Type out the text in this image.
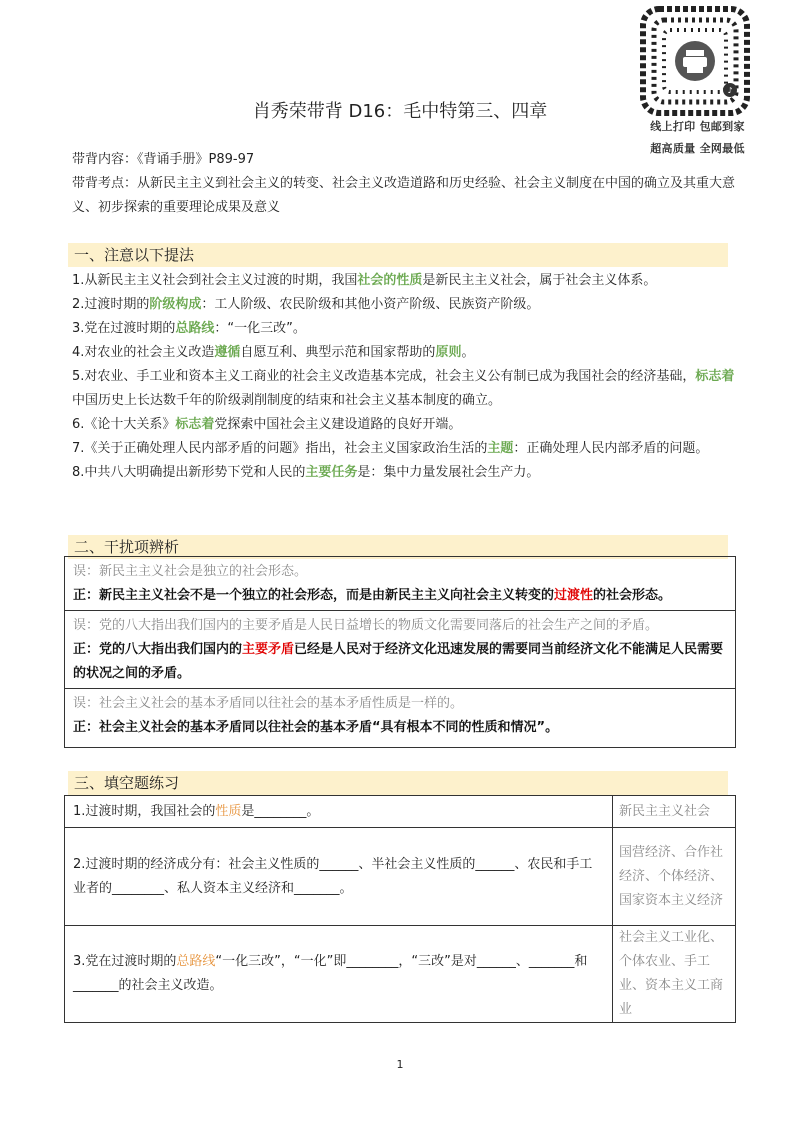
♪
线上打印 包邮到家
超高质量 全网最低
肖秀荣带背 D16：毛中特第三、四章
带背内容：《背诵手册》P89-97
带背考点：从新民主主义到社会主义的转变、社会主义改造道路和历史经验、社会主义制度在中国的确立及其重大意义、初步探索的重要理论成果及意义
一、注意以下提法

1.从新民主主义社会到社会主义过渡的时期，我国社会的性质是新民主主义社会，属于社会主义体系。

2.过渡时期的阶级构成：工人阶级、农民阶级和其他小资产阶级、民族资产阶级。

3.党在过渡时期的总路线：“一化三改”。

4.对农业的社会主义改造遵循自愿互利、典型示范和国家帮助的原则。

5.对农业、手工业和资本主义工商业的社会主义改造基本完成，社会主义公有制已成为我国社会的经济基础，标志着中国历史上长达数千年的阶级剥削制度的结束和社会主义基本制度的确立。

6.《论十大关系》标志着党探索中国社会主义建设道路的良好开端。

7.《关于正确处理人民内部矛盾的问题》指出，社会主义国家政治生活的主题：正确处理人民内部矛盾的问题。

8.中共八大明确提出新形势下党和人民的主要任务是：集中力量发展社会生产力。

二、干扰项辨析
误：新民主主义社会是独立的社会形态。
正：新民主主义社会不是一个独立的社会形态，而是由新民主主义向社会主义转变的过渡性的社会形态。
误：党的八大指出我们国内的主要矛盾是人民日益增长的物质文化需要同落后的社会生产之间的矛盾。
正：党的八大指出我们国内的主要矛盾已经是人民对于经济文化迅速发展的需要同当前经济文化不能满足人民需要的状况之间的矛盾。
误：社会主义社会的基本矛盾同以往社会的基本矛盾性质是一样的。
正：社会主义社会的基本矛盾同以往社会的基本矛盾“具有根本不同的性质和情况”。
三、填空题练习
1.过渡时期，我国社会的性质是________。	新民主主义社会
2.过渡时期的经济成分有：社会主义性质的______、半社会主义性质的______、农民和手工业者的________、私人资本主义经济和_______。	国营经济、合作社经济、个体经济、国家资本主义经济
3.党在过渡时期的总路线“一化三改”，“一化”即________，“三改”是对______、_______和_______的社会主义改造。	社会主义工业化、个体农业、手工业、资本主义工商业
1
